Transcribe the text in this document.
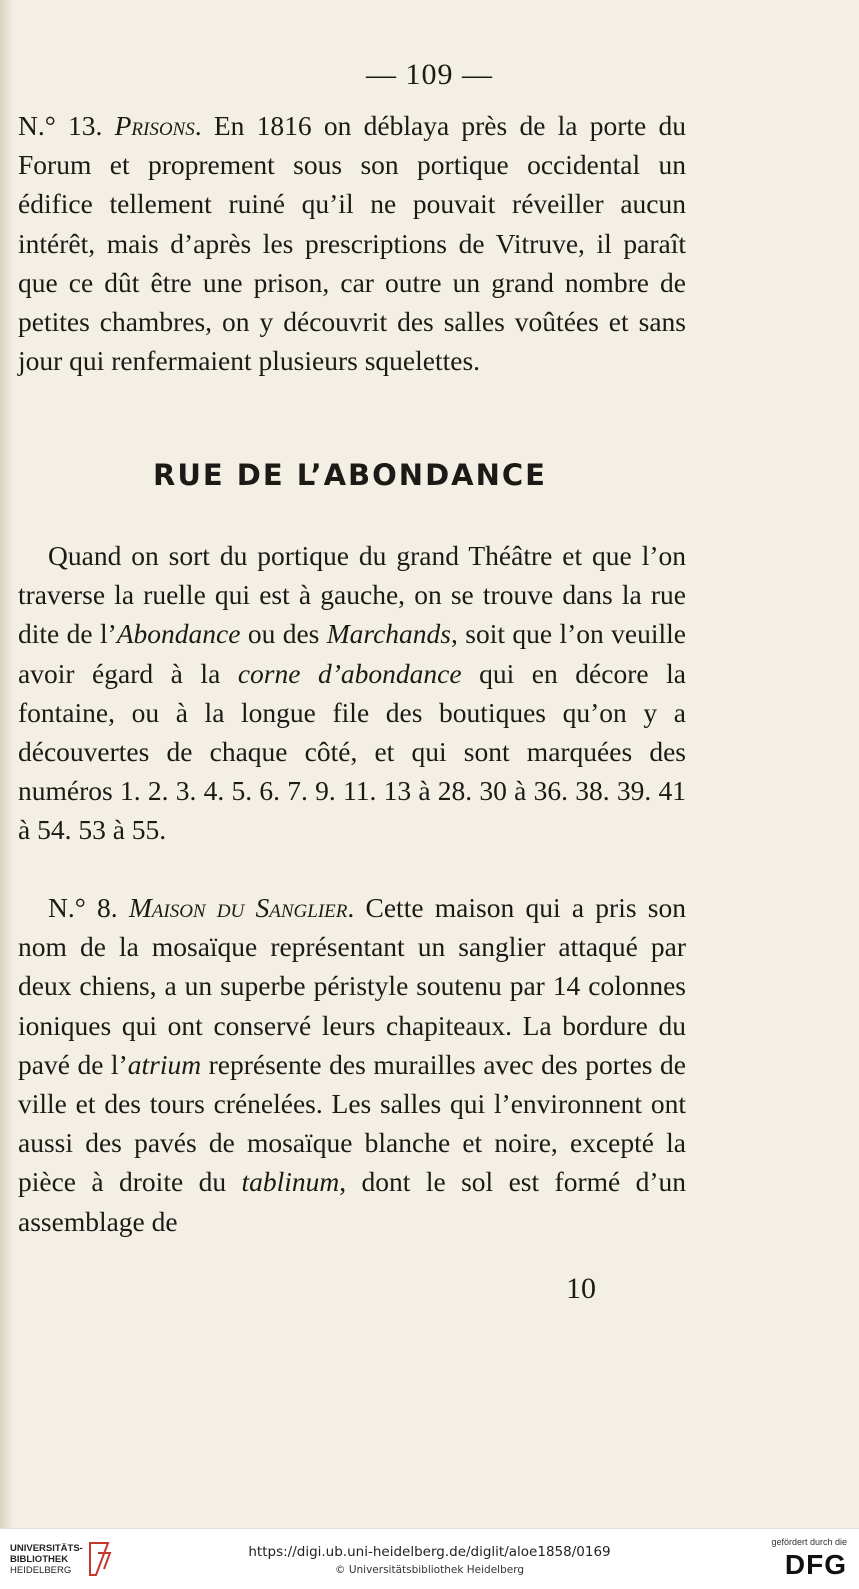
— 109 —

N.° 13. Prisons. En 1816 on déblaya près de la porte du Forum et proprement sous son portique occidental un édifice tellement ruiné qu’il ne pouvait réveiller aucun intérêt, mais d’après les prescriptions de Vitruve, il paraît que ce dût être une prison, car outre un grand nombre de petites chambres, on y découvrit des salles voûtées et sans jour qui renfermaient plusieurs squelettes.

RUE DE L’ABONDANCE

Quand on sort du portique du grand Théâtre et que l’on traverse la ruelle qui est à gauche, on se trouve dans la rue dite de l’Abondance ou des Marchands, soit que l’on veuille avoir égard à la corne d’abondance qui en décore la fontaine, ou à la longue file des boutiques qu’on y a découvertes de chaque côté, et qui sont marquées des numéros 1. 2. 3. 4. 5. 6. 7. 9. 11. 13 à 28. 30 à 36. 38. 39. 41 à 54. 53 à 55.

N.° 8. Maison du Sanglier. Cette maison qui a pris son nom de la mosaïque représentant un sanglier attaqué par deux chiens, a un superbe péristyle soutenu par 14 colonnes ioniques qui ont conservé leurs chapiteaux. La bordure du pavé de l’atrium représente des murailles avec des portes de ville et des tours crénelées. Les salles qui l’environnent ont aussi des pavés de mosaïque blanche et noire, excepté la pièce à droite du tablinum, dont le sol est formé d’un assemblage de

10
UNIVERSITÄTS-
BIBLIOTHEK
HEIDELBERG
https://digi.ub.uni-heidelberg.de/diglit/aloe1858/0169
© Universitätsbibliothek Heidelberg
gefördert durch die
DFG
